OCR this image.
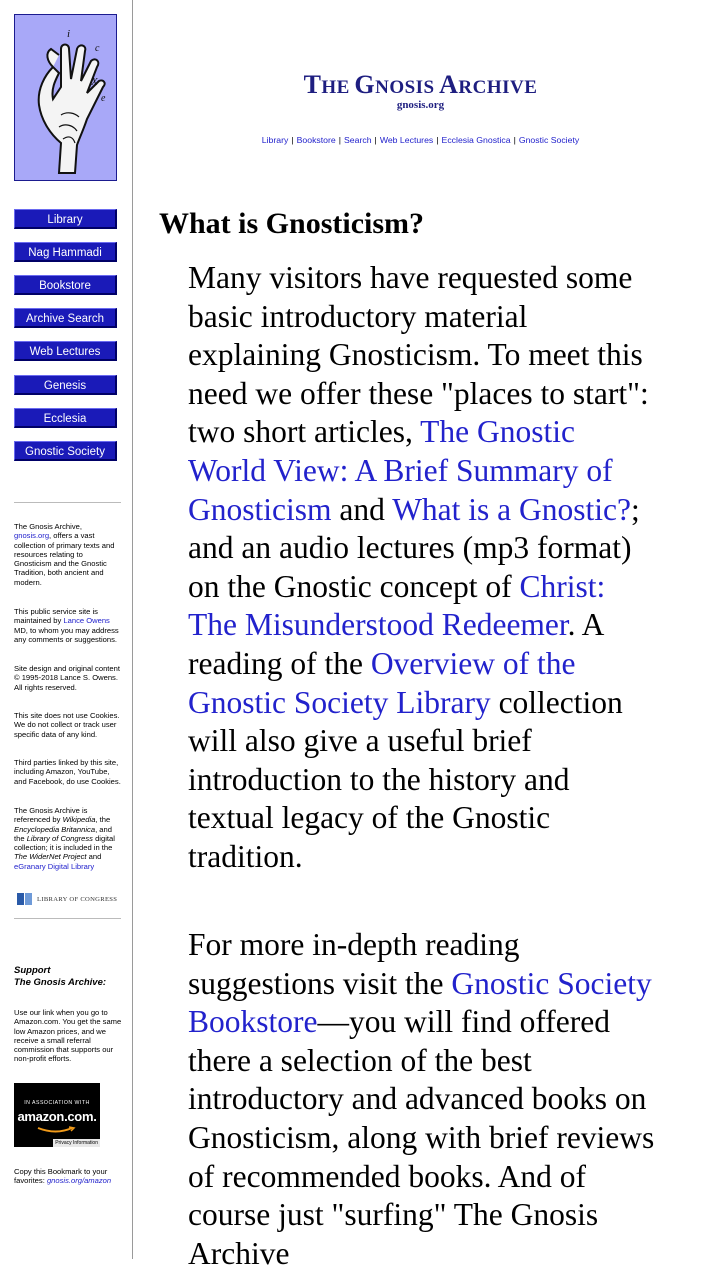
i
c
X
e
Library
Nag Hammadi
Bookstore
Archive Search
Web Lectures
Genesis
Ecclesia
Gnostic Society
The Gnosis Archive,
gnosis.org, offers a vast collection of primary texts and resources relating to Gnosticism and the Gnostic Tradition, both ancient and modern.
This public service site is maintained by Lance Owens MD, to whom you may address any comments or suggestions.
Site design and original content © 1995-2018 Lance S. Owens. All rights reserved.
This site does not use Cookies. We do not collect or track user specific data of any kind.
Third parties linked by this site, including Amazon, YouTube, and Facebook, do use Cookies.
The Gnosis Archive is referenced by Wikipedia, the Encyclopedia Britannica, and the Library of Congress digital collection; it is included in the The WiderNet Project and eGranary Digital Library
LIBRARY OF CONGRESS
Support
The Gnosis Archive:
Use our link when you go to Amazon.com. You get the same low Amazon prices, and we receive a small referral commission that supports our non-profit efforts.
IN ASSOCIATION WITH
amazon.com.
Privacy Information
Copy this Bookmark to your favorites: gnosis.org/amazon
THE GNOSIS ARCHIVE
gnosis.org
Library | Bookstore | Search | Web Lectures | Ecclesia Gnostica | Gnostic Society
What is Gnosticism?

Many visitors have requested some basic introductory material explaining Gnosticism. To meet this need we offer these "places to start": two short articles, The Gnostic World View: A Brief Summary of Gnosticism and What is a Gnostic?; and an audio lectures (mp3 format) on the Gnostic concept of Christ: The Misunderstood Redeemer. A reading of the Overview of the Gnostic Society Library collection will also give a useful brief introduction to the history and textual legacy of the Gnostic tradition.

For more in-depth reading suggestions visit the Gnostic Society Bookstore—you will find offered there a selection of the best introductory and advanced books on Gnosticism, along with brief reviews of recommended books. And of course just "surfing" The Gnosis Archive
